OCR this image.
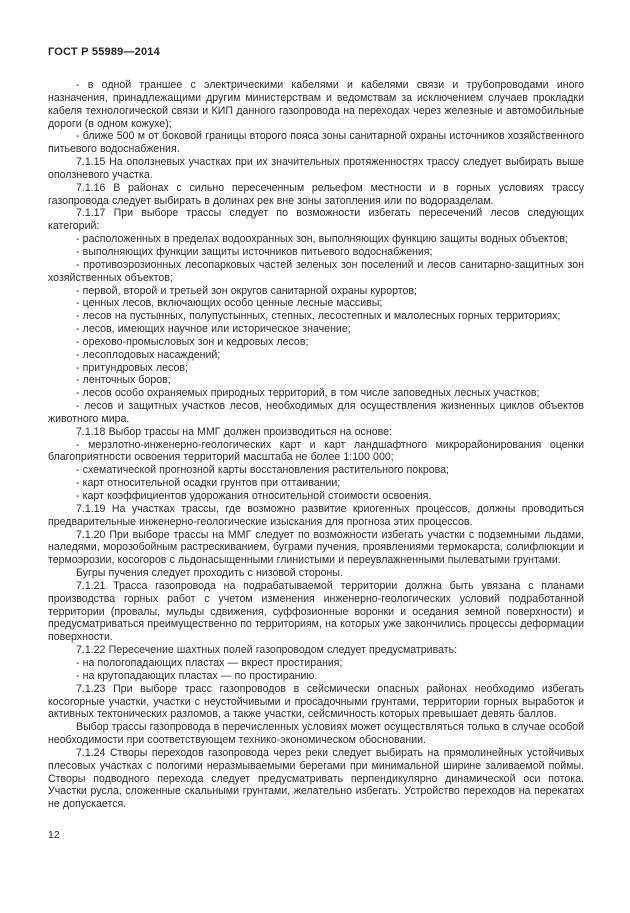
ГОСТ Р 55989—2014

- в одной траншее с электрическими кабелями и кабелями связи и трубопроводами иного назначения, принадлежащими другим министерствам и ведомствам за исключением случаев прокладки кабеля технологической связи и КИП данного газопровода на переходах через железные и автомобильные дороги (в одном кожухе);

- ближе 500 м от боковой границы второго пояса зоны санитарной охраны источников хозяйственного питьевого водоснабжения.

7.1.15 На оползневых участках при их значительных протяженностях трассу следует выбирать выше оползневого участка.

7.1.16 В районах с сильно пересеченным рельефом местности и в горных условиях трассу газопровода следует выбирать в долинах рек вне зоны затопления или по водоразделам.

7.1.17 При выборе трассы следует по возможности избегать пересечений лесов следующих категорий:

- расположенных в пределах водоохранных зон, выполняющих функцию защиты водных объектов;

- выполняющих функции защиты источников питьевого водоснабжения;

- противоэрозионных лесопарковых частей зеленых зон поселений и лесов санитарно-защитных зон хозяйственных объектов;

- первой, второй и третьей зон округов санитарной охраны курортов;

- ценных лесов, включающих особо ценные лесные массивы;

- лесов на пустынных, полупустынных, степных, лесостепных и малолесных горных территориях;

- лесов, имеющих научное или историческое значение;

- орехово-промысловых зон и кедровых лесов;

- лесоплодовых насаждений;

- притундровых лесов;

- ленточных боров;

- лесов особо охраняемых природных территорий, в том числе заповедных лесных участков;

- лесов и защитных участков лесов, необходимых для осуществления жизненных циклов объектов животного мира.

7.1.18 Выбор трассы на ММГ должен производиться на основе:

- мерзлотно-инженерно-геологических карт и карт ландшафтного микрорайонирования оценки благоприятности освоения территорий масштаба не более 1:100 000;

- схематической прогнозной карты восстановления растительного покрова;

- карт относительной осадки грунтов при оттаивании;

- карт коэффициентов удорожания относительной стоимости освоения.

7.1.19 На участках трассы, где возможно развитие криогенных процессов, должны проводиться предварительные инженерно-геологические изыскания для прогноза этих процессов.

7.1.20 При выборе трассы на ММГ следует по возможности избегать участки с подземными льдами, наледями, морозобойным растрескиванием, буграми пучения, проявлениями термокарста, солифлюкции и термоэрозии, косогоров с льдонасыщенными глинистыми и переувлажненными пылеватыми грунтами.

Бугры пучения следует проходить с низовой стороны.

7.1.21 Трасса газопровода на подрабатываемой территории должна быть увязана с планами производства горных работ с учетом изменения инженерно-геологических условий подработанной территории (провалы, мульды сдвижения, суффозионные воронки и оседания земной поверхности) и предусматриваться преимущественно по территориям, на которых уже закончились процессы деформации поверхности.

7.1.22 Пересечение шахтных полей газопроводом следует предусматривать:

- на пологопадающих пластах — вкрест простирания;

- на крутопадающих пластах — по простиранию.

7.1.23 При выборе трасс газопроводов в сейсмически опасных районах необходимо избегать косогорные участки, участки с неустойчивыми и просадочными грунтами, территории горных выработок и активных тектонических разломов, а также участки, сейсмичность которых превышает девять баллов.

Выбор трассы газопровода в перечисленных условиях может осуществляться только в случае особой необходимости при соответствующем технико-экономическом обосновании.

7.1.24 Створы переходов газопровода через реки следует выбирать на прямолинейных устойчивых плесовых участках с пологими неразмываемыми берегами при минимальной ширине заливаемой поймы. Створы подводного перехода следует предусматривать перпендикулярно динамической оси потока. Участки русла, сложенные скальными грунтами, желательно избегать. Устройство переходов на перекатах не допускается.

12
